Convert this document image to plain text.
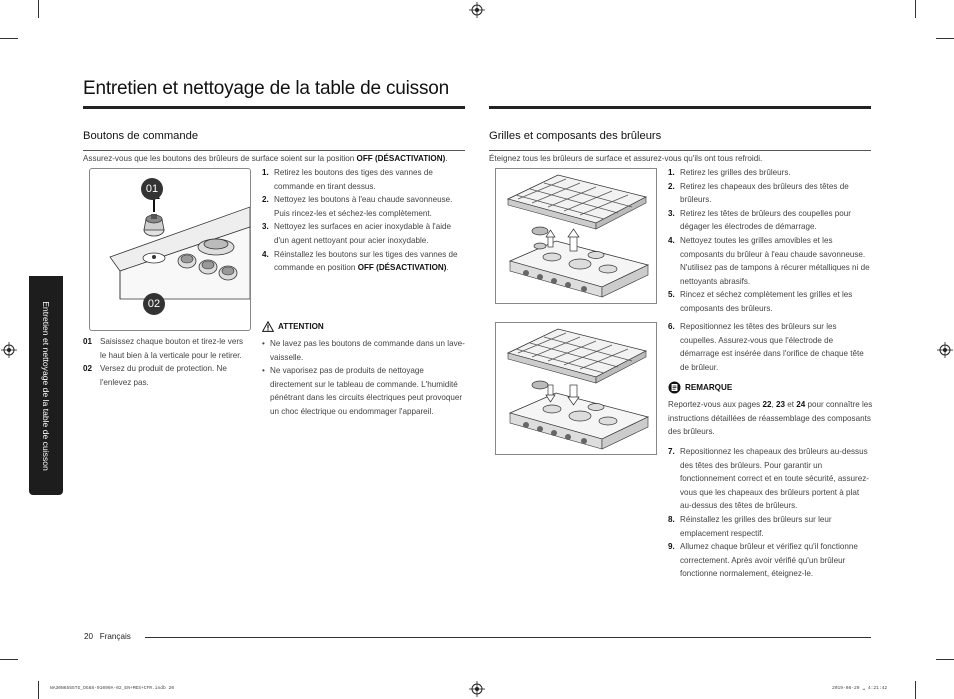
Entretien et nettoyage de la table de cuisson
Entretien et nettoyage de la table de cuisson
Boutons de commande
Assurez-vous que les boutons des brûleurs de surface soient sur la position OFF (DÉSACTIVATION).
01
02
1. Retirez les boutons des tiges des vannes de commande en tirant dessus.
2. Nettoyez les boutons à l'eau chaude savonneuse. Puis rincez-les et séchez-les complètement.
3. Nettoyez les surfaces en acier inoxydable à l'aide d'un agent nettoyant pour acier inoxydable.
4. Réinstallez les boutons sur les tiges des vannes de commande en position OFF (DÉSACTIVATION).
ATTENTION
• Ne lavez pas les boutons de commande dans un lave-vaisselle.
• Ne vaporisez pas de produits de nettoyage directement sur le tableau de commande. L'humidité pénétrant dans les circuits électriques peut provoquer un choc électrique ou endommager l'appareil.
01 Saisissez chaque bouton et tirez-le vers le haut bien à la verticale pour le retirer.
02 Versez du produit de protection. Ne l'enlevez pas.
Grilles et composants des brûleurs
Éteignez tous les brûleurs de surface et assurez-vous qu'ils ont tous refroidi.
1. Retirez les grilles des brûleurs.
2. Retirez les chapeaux des brûleurs des têtes de brûleurs.
3. Retirez les têtes de brûleurs des coupelles pour dégager les électrodes de démarrage.
4. Nettoyez toutes les grilles amovibles et les composants du brûleur à l'eau chaude savonneuse. N'utilisez pas de tampons à récurer métalliques ni de nettoyants abrasifs.
5. Rincez et séchez complètement les grilles et les composants des brûleurs.
6. Repositionnez les têtes des brûleurs sur les coupelles. Assurez-vous que l'électrode de démarrage est insérée dans l'orifice de chaque tête de brûleur.
REMARQUE
Reportez-vous aux pages 22, 23 et 24 pour connaître les instructions détaillées de réassemblage des composants des brûleurs.
7. Repositionnez les chapeaux des brûleurs au-dessus des têtes des brûleurs. Pour garantir un fonctionnement correct et en toute sécurité, assurez-vous que les chapeaux des brûleurs portent à plat au-dessus des têtes de brûleurs.
8. Réinstallez les grilles des brûleurs sur leur emplacement respectif.
9. Allumez chaque brûleur et vérifiez qu'il fonctionne correctement. Après avoir vérifié qu'un brûleur fonctionne normalement, éteignez-le.
20 Français
NA30N6555TG_DG68-01099A-02_EN+MES+CFR.indb 20	2019-08-29 ␣ 4:21:42
